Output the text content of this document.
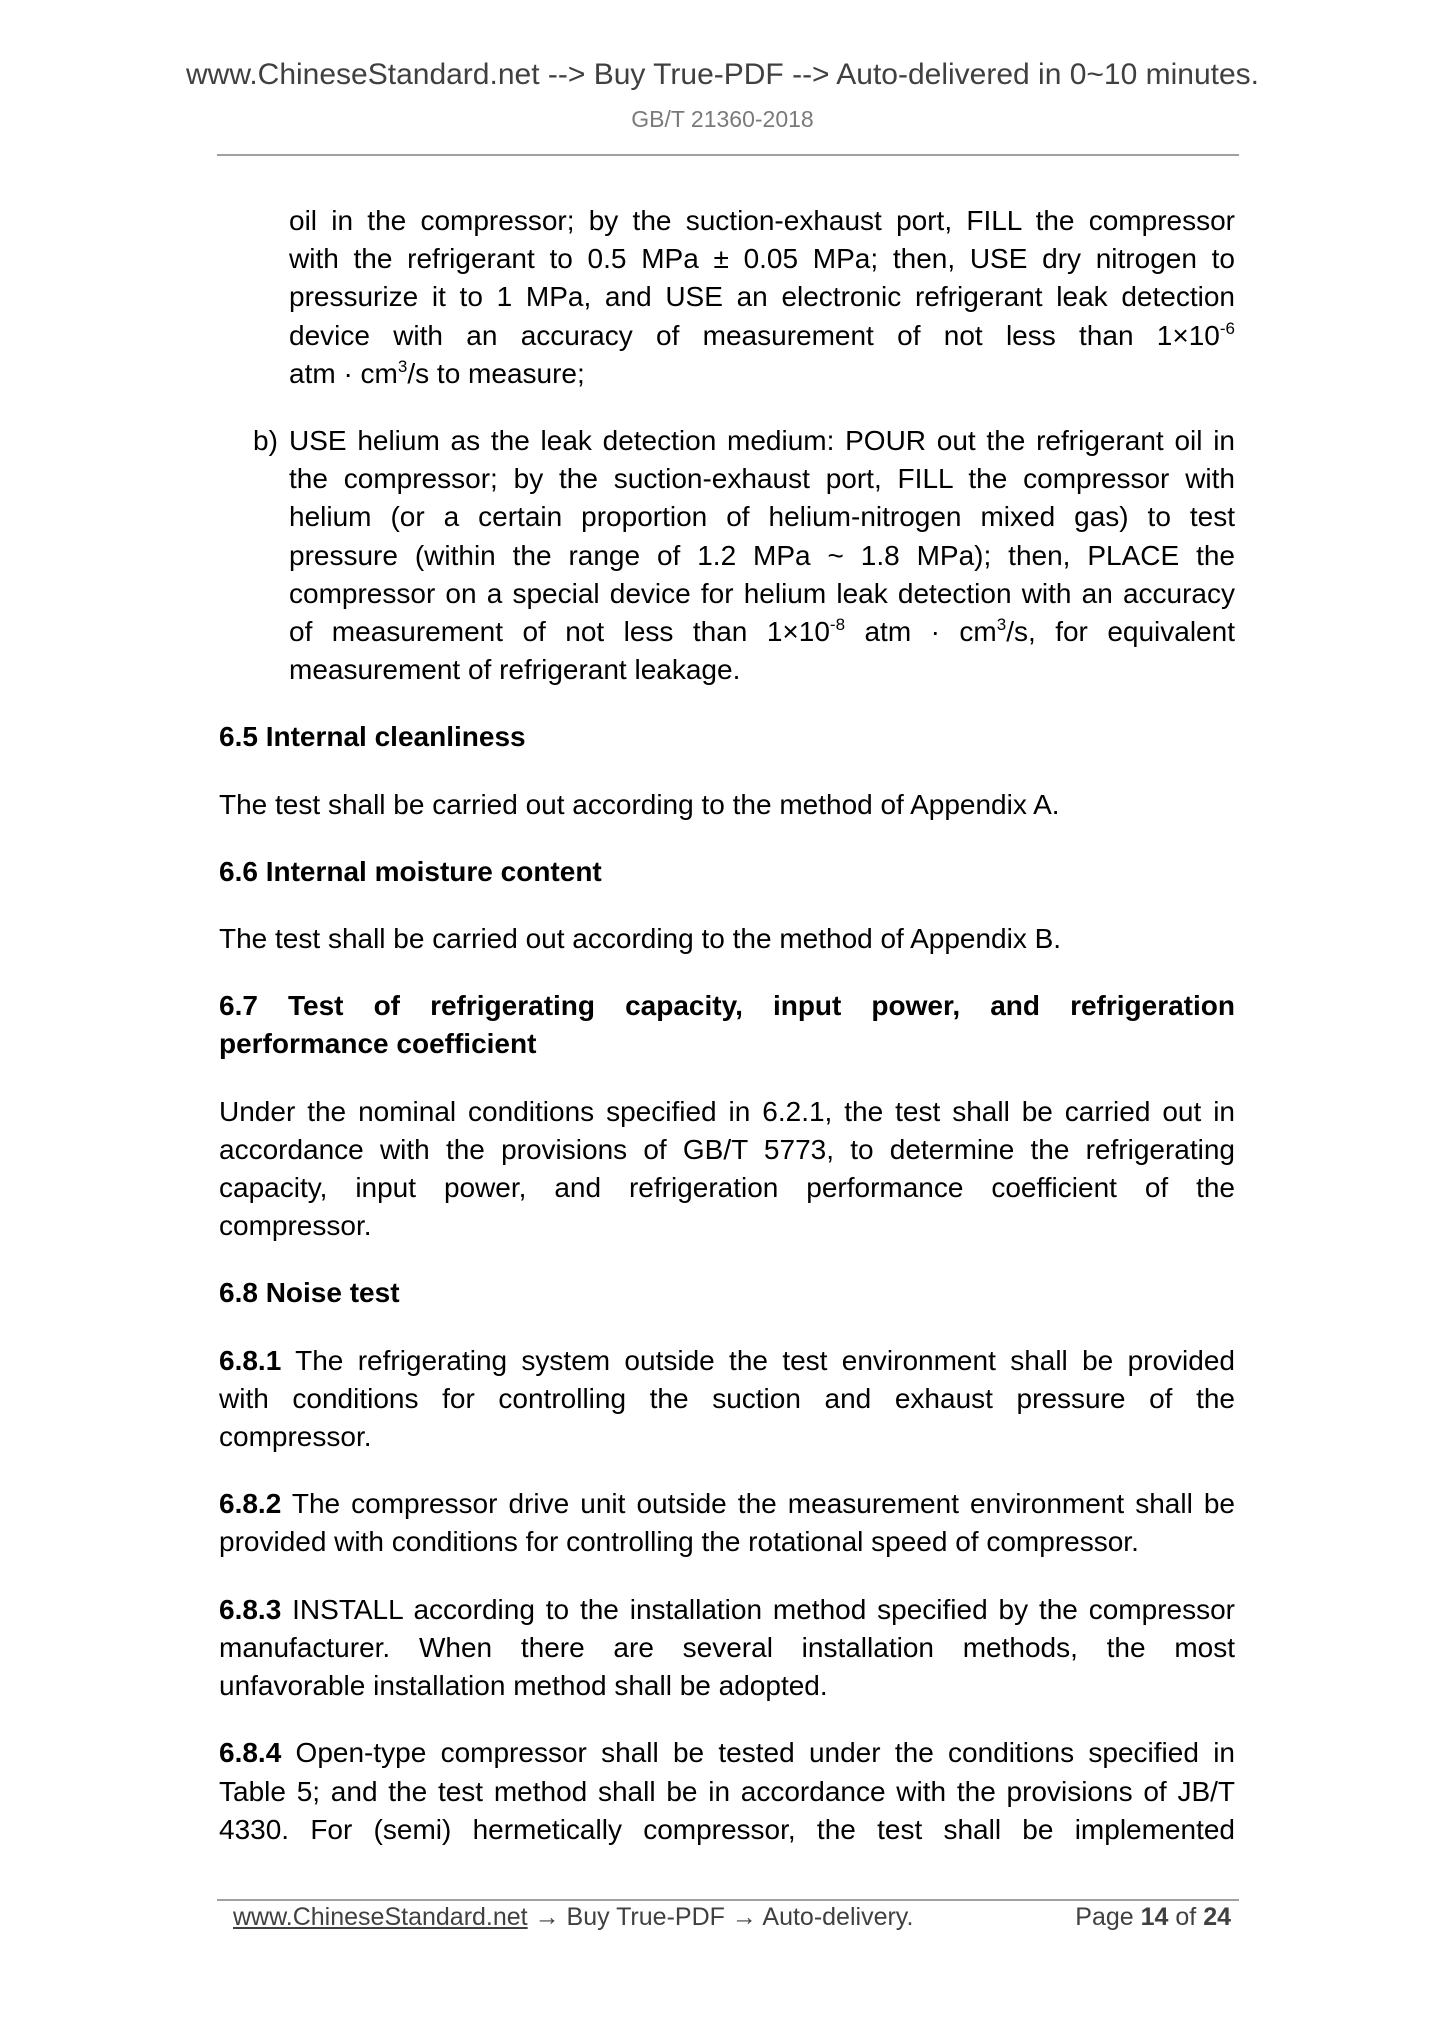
www.ChineseStandard.net --> Buy True-PDF --> Auto-delivered in 0~10 minutes.
GB/T 21360-2018
oil in the compressor; by the suction-exhaust port, FILL the compressor
with the refrigerant to 0.5 MPa ± 0.05 MPa; then, USE dry nitrogen to
pressurize it to 1 MPa, and USE an electronic refrigerant leak detection
device with an accuracy of measurement of not less than $1\times 10^{-6}$
atm · $cm^3/s$ to measure;
b) USE helium as the leak detection medium: POUR out the refrigerant oil in
the compressor; by the suction-exhaust port, FILL the compressor with
helium (or a certain proportion of helium-nitrogen mixed gas) to test
pressure (within the range of 1.2 MPa ~ 1.8 MPa); then, PLACE the
compressor on a special device for helium leak detection with an accuracy
of measurement of not less than $1\times 10^{-8}$ atm · $cm^3/s$, for equivalent
measurement of refrigerant leakage.
6.5 Internal cleanliness
The test shall be carried out according to the method of Appendix A.
6.6 Internal moisture content
The test shall be carried out according to the method of Appendix B.
6.7 Test of refrigerating capacity, input power, and refrigeration
performance coefficient
Under the nominal conditions specified in 6.2.1, the test shall be carried out in
accordance with the provisions of GB/T 5773, to determine the refrigerating
capacity, input power, and refrigeration performance coefficient of the
compressor.
6.8 Noise test
6.8.1 The refrigerating system outside the test environment shall be provided
with conditions for controlling the suction and exhaust pressure of the
compressor.
6.8.2 The compressor drive unit outside the measurement environment shall be
provided with conditions for controlling the rotational speed of compressor.
6.8.3 INSTALL according to the installation method specified by the compressor
manufacturer. When there are several installation methods, the most
unfavorable installation method shall be adopted.
6.8.4 Open-type compressor shall be tested under the conditions specified in
Table 5; and the test method shall be in accordance with the provisions of JB/T
4330. For (semi) hermetically compressor, the test shall be implemented
www.ChineseStandard.net → Buy True-PDF → Auto-delivery.	Page 14 of 24
